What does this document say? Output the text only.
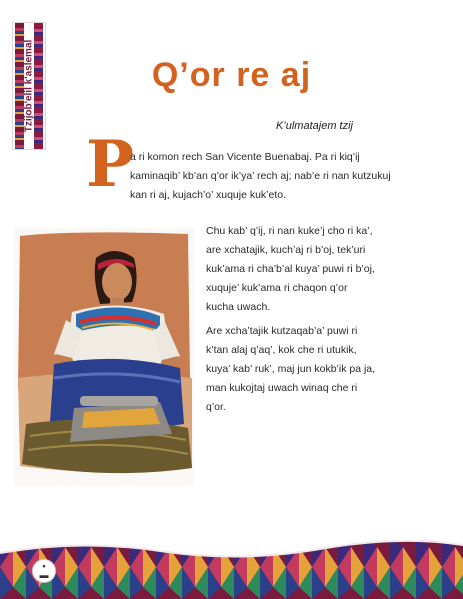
Tzijob'elil k'aslemal	Q’or re aj
K’ulmatajem tzij
P

a ri komon rech San Vicente Buenabaj. Pa ri kiq’ij kaminaqib’ kb’an q’or ik’ya’ rech aj; nab’e ri nan kutzukuj kan ri aj, kujach’o’ xuquje kuk’eto.

Chu kab’ q’ij, ri nan kuke’j cho ri ka’, are xchatajik, kuch’aj ri b’oj, tek’uri kuk’ama ri cha’b’al kuya’ puwi ri b’oj, xuquje’ kuk’ama ri chaqon q’or kucha uwach.

Are xcha’tajik kutzaqab’a’ puwi ri k’tan alaj q’aq’, kok che ri utukik, kuya’ kab’ ruk’, maj jun kokb’ik pa ja, man kukojtaj uwach winaq che ri q’or.

•
▬
